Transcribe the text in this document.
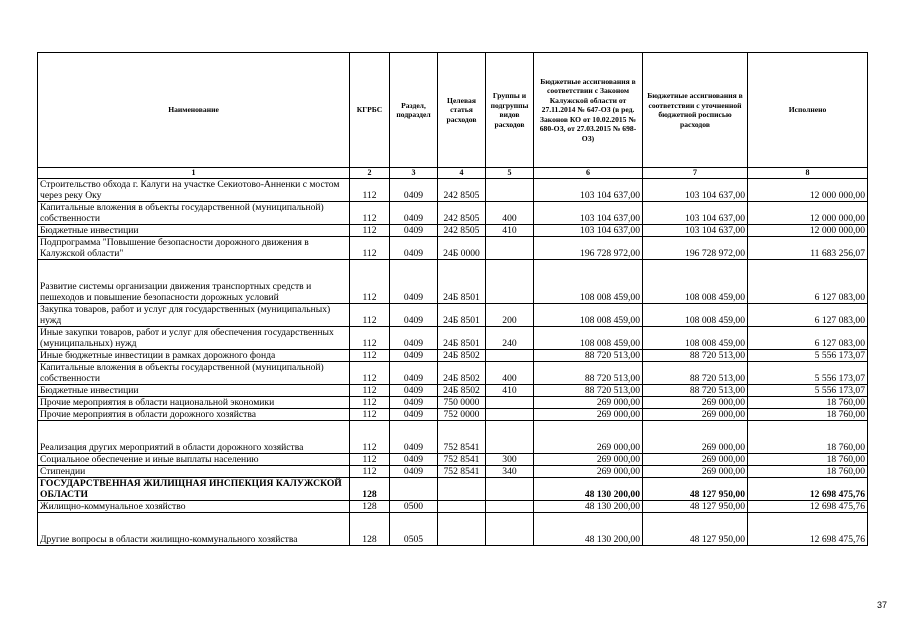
Наименование	КГРБС	Раздел, подраздел	Целевая статья расходов	Группы и подгруппы видов расходов	Бюджетные ассигнования в соответствии с Законом Калужской области от 27.11.2014 № 647-ОЗ (в ред. Законов КО от 10.02.2015 № 680-ОЗ, от 27.03.2015 № 698-ОЗ)	Бюджетные ассигнования в соответствии с уточненной бюджетной росписью расходов	Исполнено
1	2	3	4	5	6	7	8
Строительство обхода г. Калуги на участке Секиотово-Анненки с мостом через реку Оку	112	0409	242 8505		103 104 637,00	103 104 637,00	12 000 000,00
Капитальные вложения в объекты государственной (муниципальной) собственности	112	0409	242 8505	400	103 104 637,00	103 104 637,00	12 000 000,00
Бюджетные инвестиции	112	0409	242 8505	410	103 104 637,00	103 104 637,00	12 000 000,00
Подпрограмма "Повышение безопасности дорожного движения в Калужской области"	112	0409	24Б 0000		196 728 972,00	196 728 972,00	11 683 256,07
Развитие системы организации движения транспортных средств и пешеходов и повышение безопасности дорожных условий	112	0409	24Б 8501		108 008 459,00	108 008 459,00	6 127 083,00
Закупка товаров, работ и услуг для государственных (муниципальных) нужд	112	0409	24Б 8501	200	108 008 459,00	108 008 459,00	6 127 083,00
Иные закупки товаров, работ и услуг для обеспечения государственных (муниципальных) нужд	112	0409	24Б 8501	240	108 008 459,00	108 008 459,00	6 127 083,00
Иные бюджетные инвестиции в рамках дорожного фонда	112	0409	24Б 8502		88 720 513,00	88 720 513,00	5 556 173,07
Капитальные вложения в объекты государственной (муниципальной) собственности	112	0409	24Б 8502	400	88 720 513,00	88 720 513,00	5 556 173,07
Бюджетные инвестиции	112	0409	24Б 8502	410	88 720 513,00	88 720 513,00	5 556 173,07
Прочие мероприятия в области национальной экономики	112	0409	750 0000		269 000,00	269 000,00	18 760,00
Прочие мероприятия в области дорожного хозяйства	112	0409	752 0000		269 000,00	269 000,00	18 760,00
Реализация других мероприятий в области дорожного хозяйства	112	0409	752 8541		269 000,00	269 000,00	18 760,00
Социальное обеспечение и иные выплаты населению	112	0409	752 8541	300	269 000,00	269 000,00	18 760,00
Стипендии	112	0409	752 8541	340	269 000,00	269 000,00	18 760,00
ГОСУДАРСТВЕННАЯ ЖИЛИЩНАЯ ИНСПЕКЦИЯ КАЛУЖСКОЙ ОБЛАСТИ	128				48 130 200,00	48 127 950,00	12 698 475,76
Жилищно-коммунальное хозяйство	128	0500			48 130 200,00	48 127 950,00	12 698 475,76
Другие вопросы в области жилищно-коммунального хозяйства	128	0505			48 130 200,00	48 127 950,00	12 698 475,76
37
